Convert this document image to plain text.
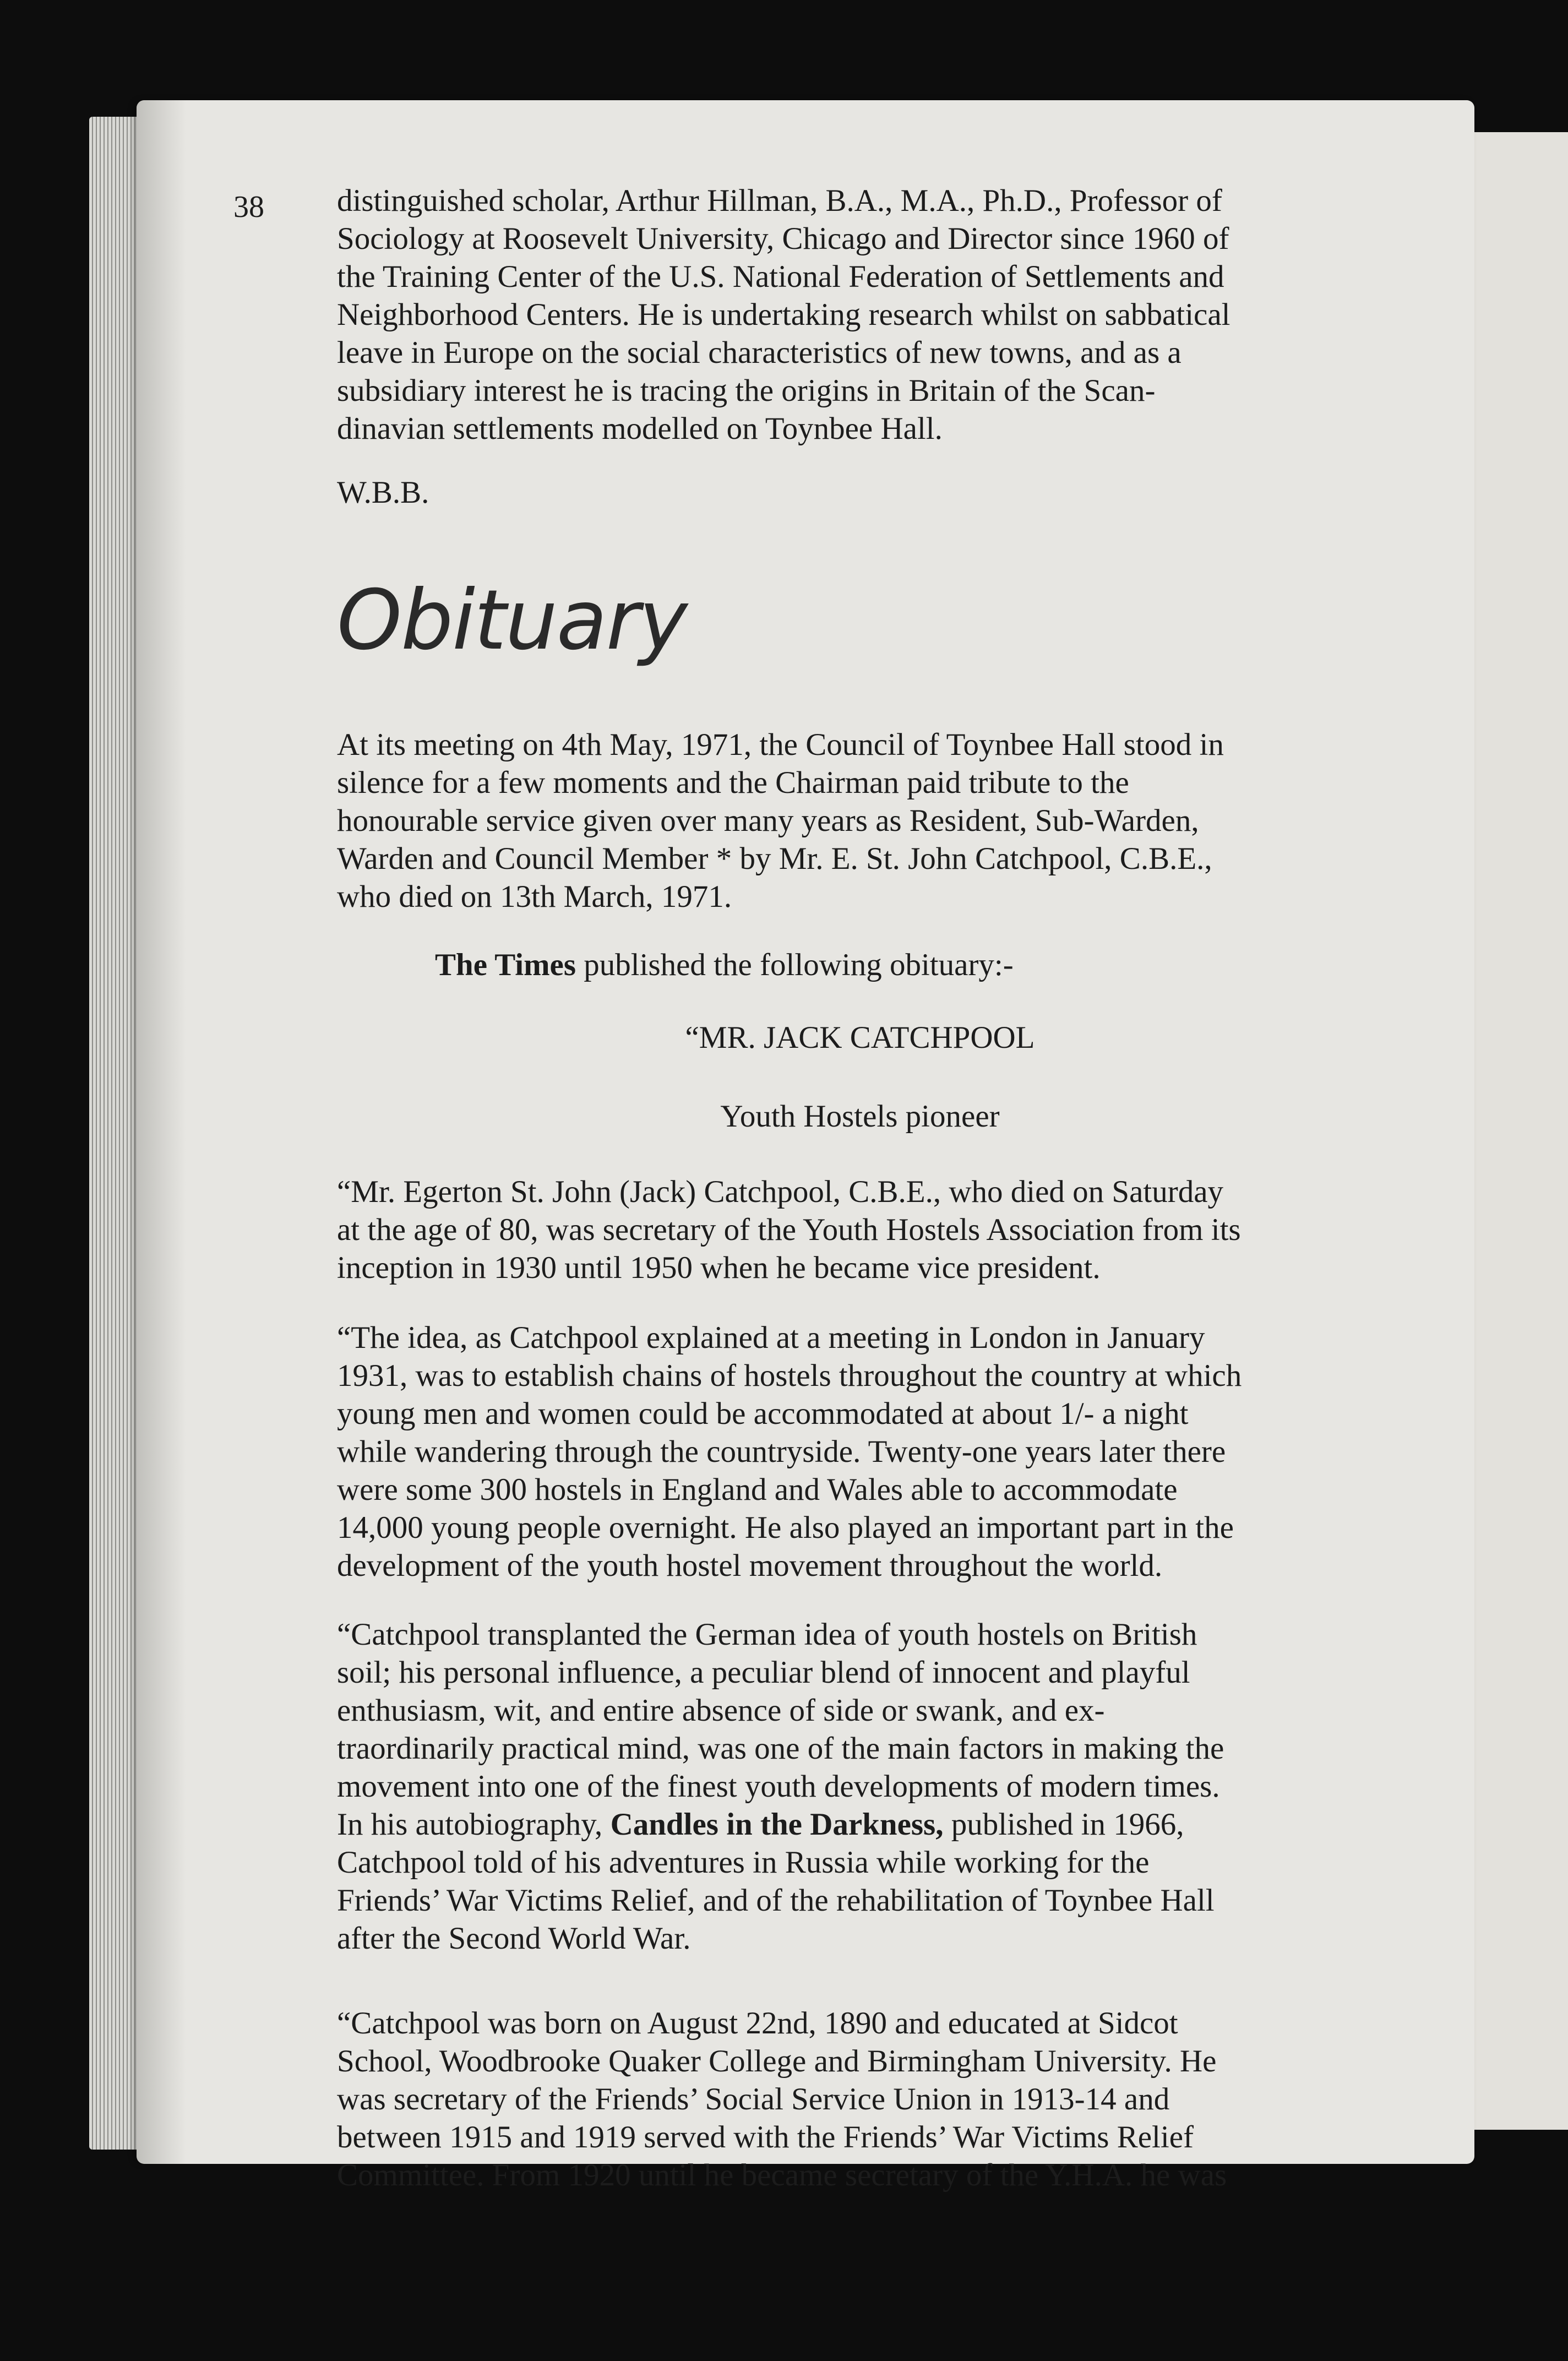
38 distinguished scholar, Arthur Hillman, B.A., M.A., Ph.D., Professor of
Sociology at Roosevelt University, Chicago and Director since 1960 of
the Training Center of the U.S. National Federation of Settlements and
Neighborhood Centers. He is undertaking research whilst on sabbatical
leave in Europe on the social characteristics of new towns, and as a
subsidiary interest he is tracing the origins in Britain of the Scan-
dinavian settlements modelled on Toynbee Hall.
W.B.B.
Obituary
At its meeting on 4th May, 1971, the Council of Toynbee Hall stood in
silence for a few moments and the Chairman paid tribute to the
honourable service given over many years as Resident, Sub-Warden,
Warden and Council Member * by Mr. E. St. John Catchpool, C.B.E.,
who died on 13th March, 1971.
The Times published the following obituary:-
“MR. JACK CATCHPOOL
Youth Hostels pioneer
“Mr. Egerton St. John (Jack) Catchpool, C.B.E., who died on Saturday
at the age of 80, was secretary of the Youth Hostels Association from its
inception in 1930 until 1950 when he became vice president.
“The idea, as Catchpool explained at a meeting in London in January
1931, was to establish chains of hostels throughout the country at which
young men and women could be accommodated at about 1/- a night
while wandering through the countryside. Twenty-one years later there
were some 300 hostels in England and Wales able to accommodate
14,000 young people overnight. He also played an important part in the
development of the youth hostel movement throughout the world.
“Catchpool transplanted the German idea of youth hostels on British
soil; his personal influence, a peculiar blend of innocent and playful
enthusiasm, wit, and entire absence of side or swank, and ex-
traordinarily practical mind, was one of the main factors in making the
movement into one of the finest youth developments of modern times.
In his autobiography, Candles in the Darkness, published in 1966,
Catchpool told of his adventures in Russia while working for the
Friends’ War Victims Relief, and of the rehabilitation of Toynbee Hall
after the Second World War.
“Catchpool was born on August 22nd, 1890 and educated at Sidcot
School, Woodbrooke Quaker College and Birmingham University. He
was secretary of the Friends’ Social Service Union in 1913-14 and
between 1915 and 1919 served with the Friends’ War Victims Relief
Committee. From 1920 until he became secretary of the Y.H.A. he was
